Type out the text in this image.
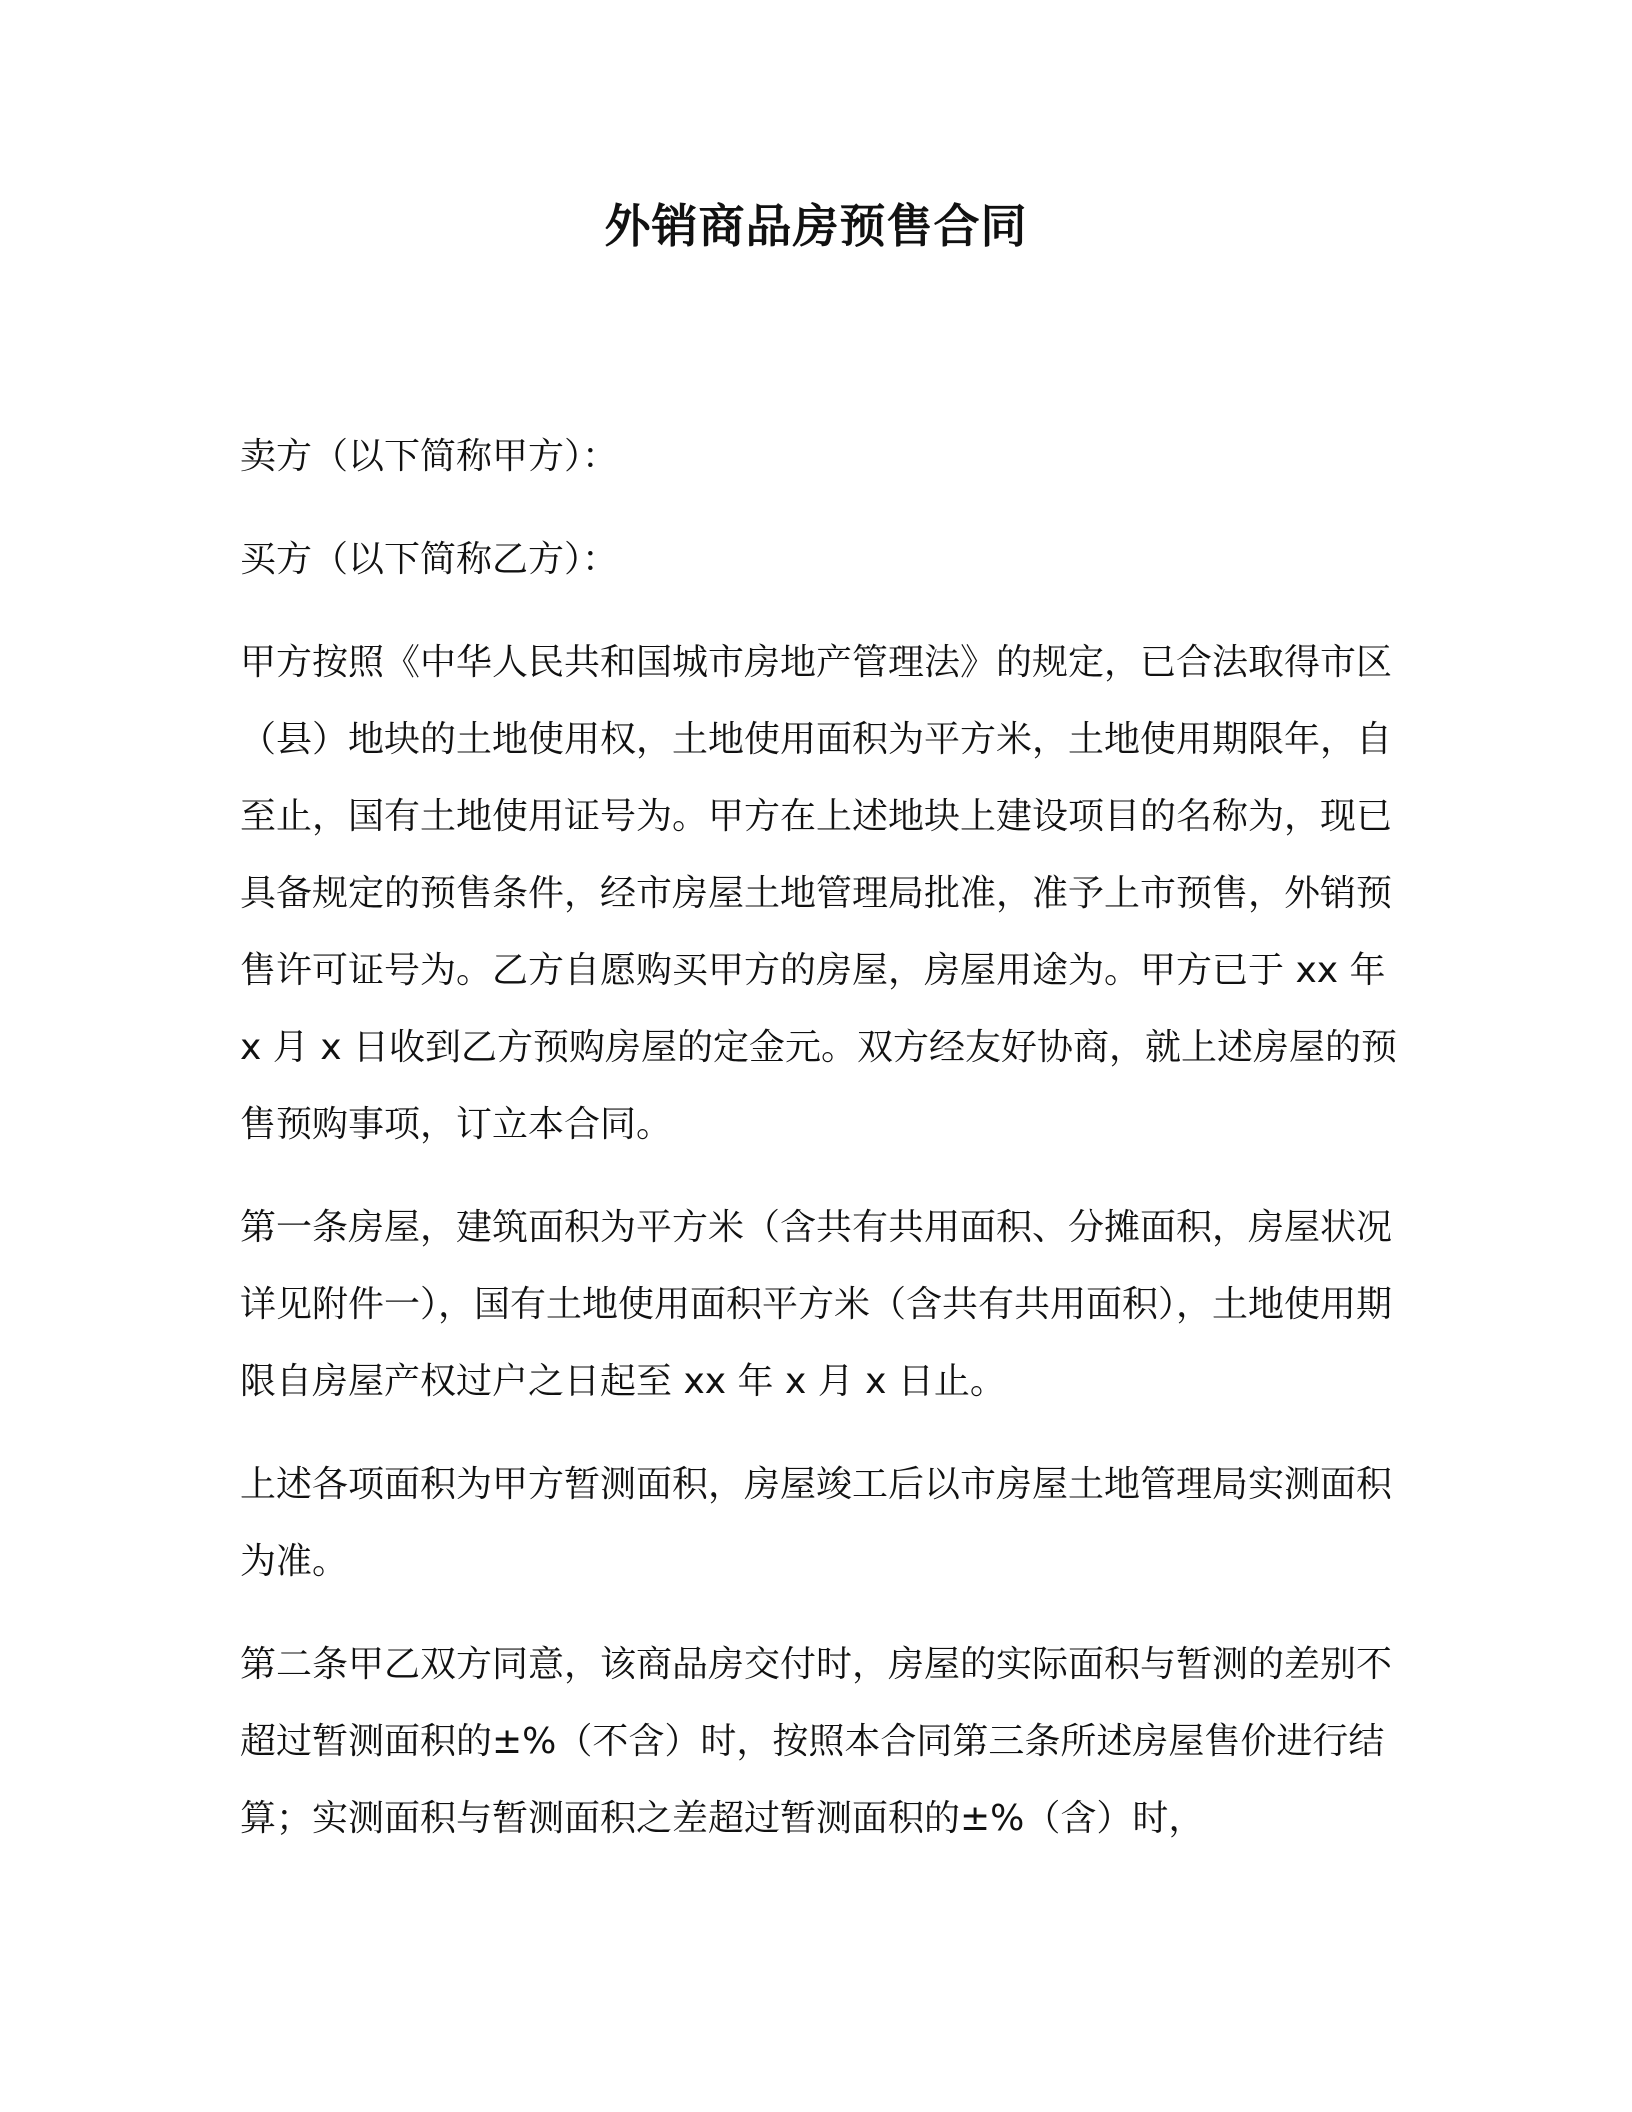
外销商品房预售合同

卖方（以下简称甲方）：

买方（以下简称乙方）：

甲方按照《中华人民共和国城市房地产管理法》的规定，已合法取得市区（县）地块的土地使用权，土地使用面积为平方米，土地使用期限年，自至止，国有土地使用证号为。甲方在上述地块上建设项目的名称为，现已具备规定的预售条件，经市房屋土地管理局批准，准予上市预售，外销预售许可证号为。乙方自愿购买甲方的房屋，房屋用途为。甲方已于 xx 年 x 月 x 日收到乙方预购房屋的定金元。双方经友好协商，就上述房屋的预售预购事项，订立本合同。

第一条房屋，建筑面积为平方米（含共有共用面积、分摊面积，房屋状况详见附件一），国有土地使用面积平方米（含共有共用面积），土地使用期限自房屋产权过户之日起至 xx 年 x 月 x 日止。

上述各项面积为甲方暂测面积，房屋竣工后以市房屋土地管理局实测面积为准。

第二条甲乙双方同意，该商品房交付时，房屋的实际面积与暂测的差别不超过暂测面积的±%（不含）时，按照本合同第三条所述房屋售价进行结算；实测面积与暂测面积之差超过暂测面积的±%（含）时，
